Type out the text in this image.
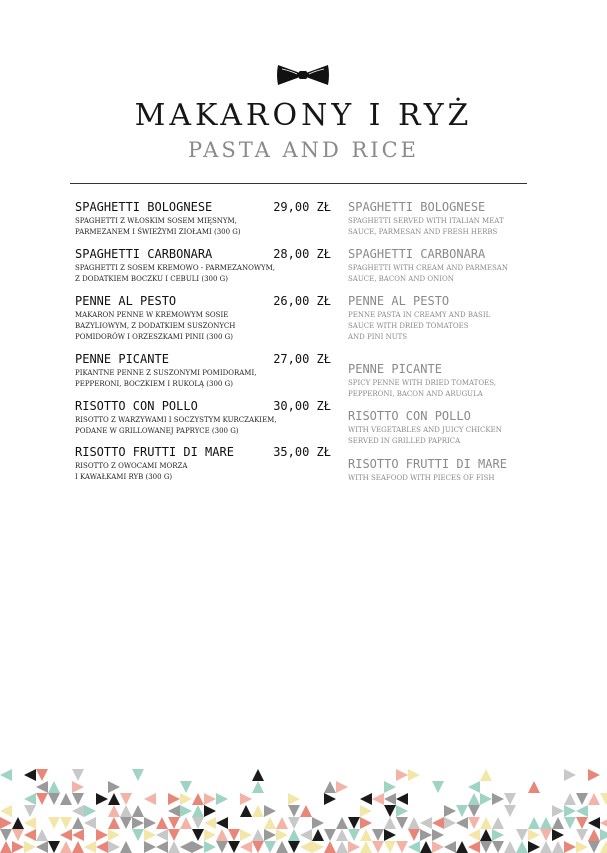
MAKARONY I RYŻ
PASTA AND RICE
SPAGHETTI BOLOGNESE	29,00 ZŁ
SPAGHETTI Z WŁOSKIM SOSEM MIĘSNYM,
PARMEZANEM I ŚWIEŻYMI ZIOŁAMI (300 G)
SPAGHETTI CARBONARA	28,00 ZŁ
SPAGHETTI Z SOSEM KREMOWO - PARMEZANOWYM,
Z DODATKIEM BOCZKU I CEBULI (300 G)
PENNE AL PESTO	26,00 ZŁ
MAKARON PENNE W KREMOWYM SOSIE
BAZYLIOWYM, Z DODATKIEM SUSZONYCH
POMIDORÓW I ORZESZKAMI PINII (300 G)
PENNE PICANTE	27,00 ZŁ
PIKANTNE PENNE Z SUSZONYMI POMIDORAMI,
PEPPERONI, BOCZKIEM I RUKOLĄ (300 G)
RISOTTO CON POLLO	30,00 ZŁ
RISOTTO Z WARZYWAMI I SOCZYSTYM KURCZAKIEM,
PODANE W GRILLOWANEJ PAPRYCE (300 G)
RISOTTO FRUTTI DI MARE	35,00 ZŁ
RISOTTO Z OWOCAMI MORZA
I KAWAŁKAMI RYB (300 G)
SPAGHETTI BOLOGNESE
SPAGHETTI SERVED WITH ITALIAN MEAT
SAUCE, PARMESAN AND FRESH HERBS
SPAGHETTI CARBONARA
SPAGHETTI WITH CREAM AND PARMESAN
SAUCE, BACON AND ONION
PENNE AL PESTO
PENNE PASTA IN CREAMY AND BASIL
SAUCE WITH DRIED TOMATOES
AND PINI NUTS
PENNE PICANTE
SPICY PENNE WITH DRIED TOMATOES,
PEPPERONI, BACON AND ARUGULA
RISOTTO CON POLLO
WITH VEGETABLES AND JUICY CHICKEN
SERVED IN GRILLED PAPRICA
RISOTTO FRUTTI DI MARE
WITH SEAFOOD WITH PIECES OF FISH
